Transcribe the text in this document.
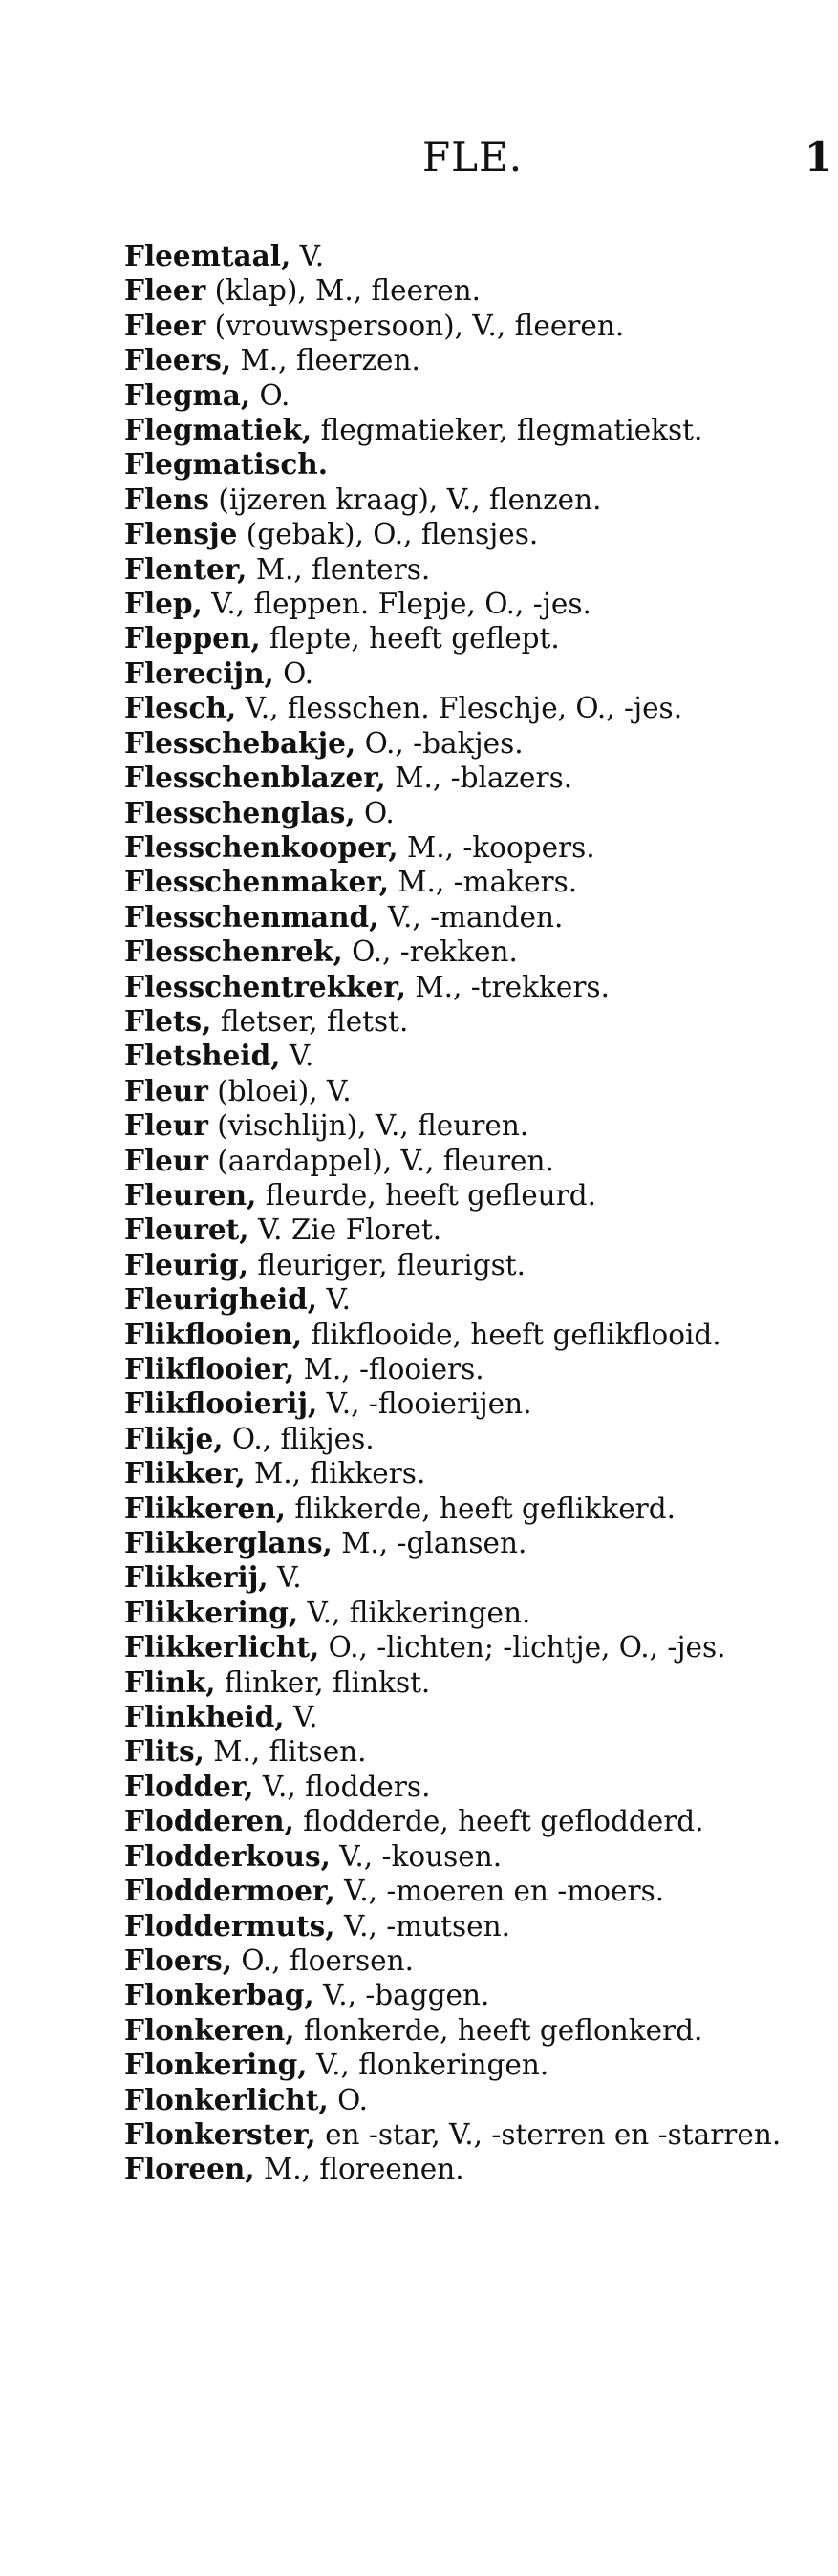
FLE.	1
Fleemtaal, V.
Fleer (klap), M., fleeren.
Fleer (vrouwspersoon), V., fleeren.
Fleers, M., fleerzen.
Flegma, O.
Flegmatiek, flegmatieker, flegmatiekst.
Flegmatisch.
Flens (ijzeren kraag), V., flenzen.
Flensje (gebak), O., flensjes.
Flenter, M., flenters.
Flep, V., fleppen. Flepje, O., -jes.
Fleppen, flepte, heeft geflept.
Flerecijn, O.
Flesch, V., flesschen. Fleschje, O., -jes.
Flesschebakje, O., -bakjes.
Flesschenblazer, M., -blazers.
Flesschenglas, O.
Flesschenkooper, M., -koopers.
Flesschenmaker, M., -makers.
Flesschenmand, V., -manden.
Flesschenrek, O., -rekken.
Flesschentrekker, M., -trekkers.
Flets, fletser, fletst.
Fletsheid, V.
Fleur (bloei), V.
Fleur (vischlijn), V., fleuren.
Fleur (aardappel), V., fleuren.
Fleuren, fleurde, heeft gefleurd.
Fleuret, V. Zie Floret.
Fleurig, fleuriger, fleurigst.
Fleurigheid, V.
Flikflooien, flikflooide, heeft geflikflooid.
Flikflooier, M., -flooiers.
Flikflooierij, V., -flooierijen.
Flikje, O., flikjes.
Flikker, M., flikkers.
Flikkeren, flikkerde, heeft geflikkerd.
Flikkerglans, M., -glansen.
Flikkerij, V.
Flikkering, V., flikkeringen.
Flikkerlicht, O., -lichten; -lichtje, O., -jes.
Flink, flinker, flinkst.
Flinkheid, V.
Flits, M., flitsen.
Flodder, V., flodders.
Flodderen, flodderde, heeft geflodderd.
Flodderkous, V., -kousen.
Floddermoer, V., -moeren en -moers.
Floddermuts, V., -mutsen.
Floers, O., floersen.
Flonkerbag, V., -baggen.
Flonkeren, flonkerde, heeft geflonkerd.
Flonkering, V., flonkeringen.
Flonkerlicht, O.
Flonkerster, en -star, V., -sterren en -starren.
Floreen, M., floreenen.
